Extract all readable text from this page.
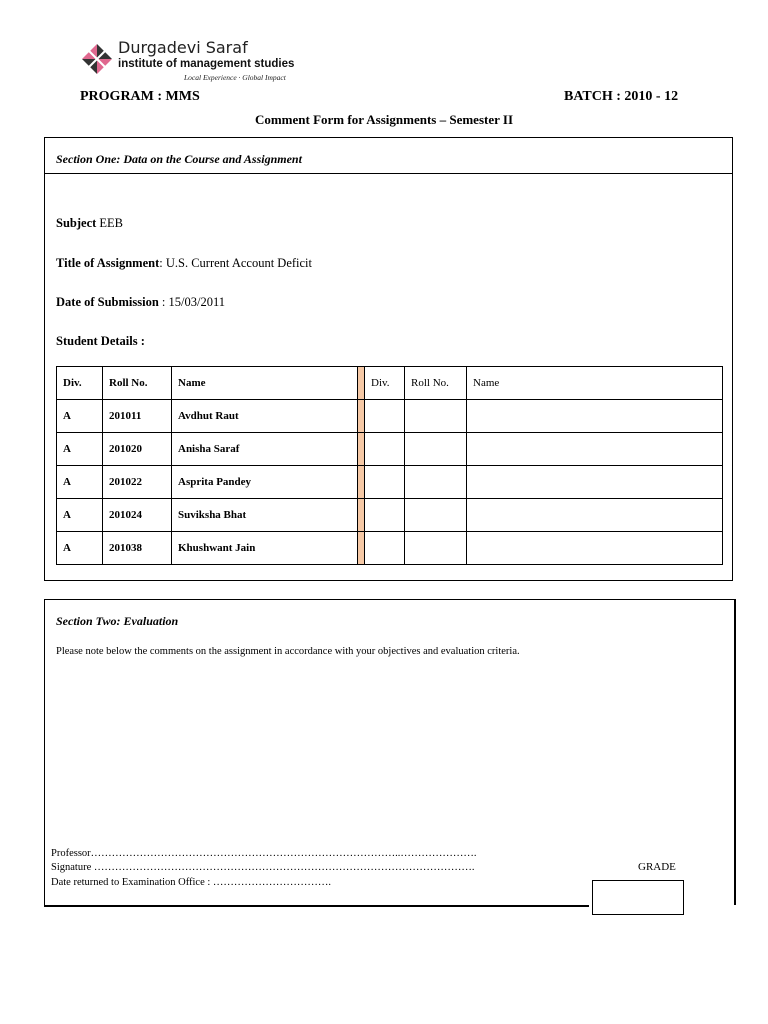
Durgadevi Saraf
institute of management studies
Local Experience · Global Impact
PROGRAM : MMS	BATCH : 2010 - 12
Comment Form for Assignments – Semester II
Section One: Data on the Course and Assignment
Subject EEB
Title of Assignment: U.S. Current Account Deficit
Date of Submission : 15/03/2011
Student Details :
Div.	Roll No.	Name		Div.	Roll No.	Name
A	201011	Avdhut Raut				
A	201020	Anisha Saraf				
A	201022	Asprita Pandey				
A	201024	Suviksha Bhat				
A	201038	Khushwant Jain				
Section Two: Evaluation
Please note below the comments on the assignment in accordance with your objectives and evaluation criteria.
Professor……………………………………………………………………………..………………….
Signature ……………………………………………………………………………………………….
Date returned to Examination Office : …………………………….
GRADE
